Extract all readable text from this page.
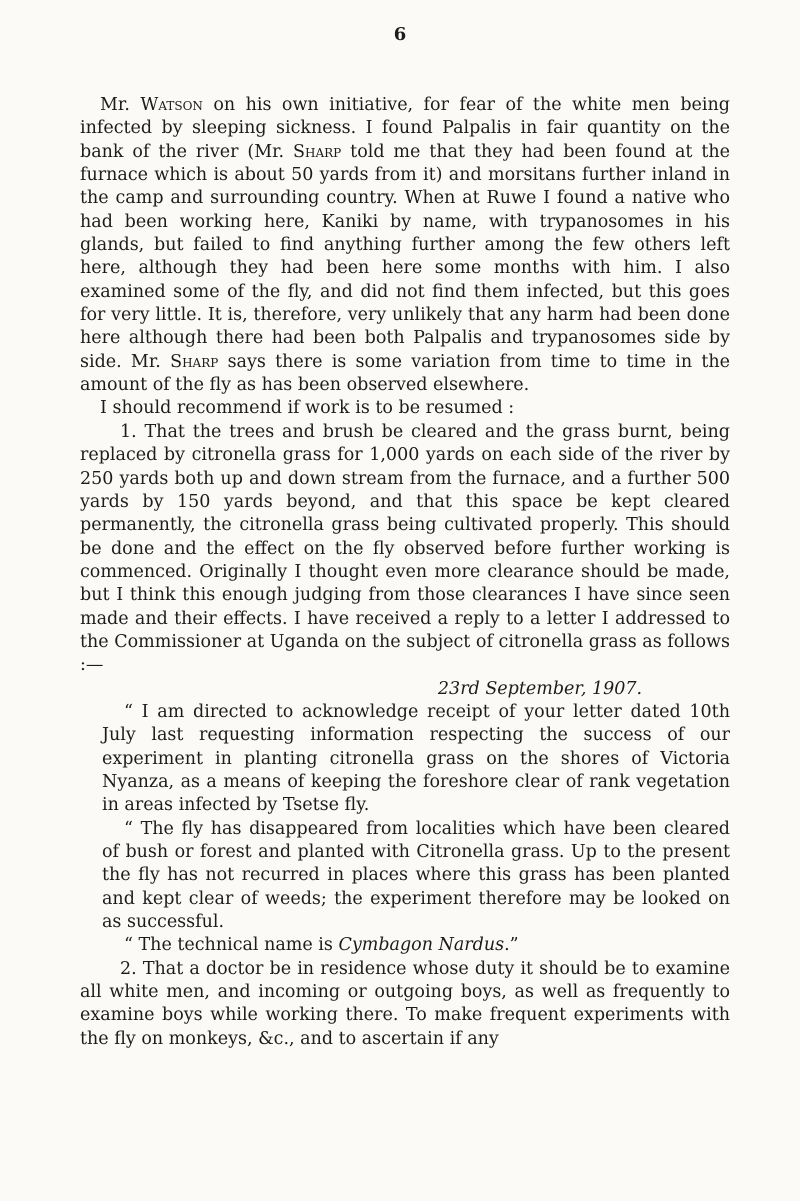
6

Mr. Watson on his own initiative, for fear of the white men being infected by sleeping sickness. I found Palpalis in fair quantity on the bank of the river (Mr. Sharp told me that they had been found at the furnace which is about 50 yards from it) and morsitans further inland in the camp and surrounding country. When at Ruwe I found a native who had been working here, Kaniki by name, with trypanosomes in his glands, but failed to find anything further among the few others left here, although they had been here some months with him. I also examined some of the fly, and did not find them infected, but this goes for very little. It is, therefore, very unlikely that any harm had been done here although there had been both Palpalis and trypanosomes side by side. Mr. Sharp says there is some variation from time to time in the amount of the fly as has been observed elsewhere.

I should recommend if work is to be resumed :

1. That the trees and brush be cleared and the grass burnt, being replaced by citronella grass for 1,000 yards on each side of the river by 250 yards both up and down stream from the furnace, and a further 500 yards by 150 yards beyond, and that this space be kept cleared permanently, the citronella grass being cultivated properly. This should be done and the effect on the fly observed before further working is commenced. Originally I thought even more clearance should be made, but I think this enough judging from those clearances I have since seen made and their effects. I have received a reply to a letter I addressed to the Commissioner at Uganda on the subject of citronella grass as follows :—

23rd September, 1907.

“ I am directed to acknowledge receipt of your letter dated 10th July last requesting information respecting the success of our experiment in planting citronella grass on the shores of Victoria Nyanza, as a means of keeping the foreshore clear of rank vegetation in areas infected by Tsetse fly.

“ The fly has disappeared from localities which have been cleared of bush or forest and planted with Citronella grass. Up to the present the fly has not recurred in places where this grass has been planted and kept clear of weeds; the experiment therefore may be looked on as successful.

“ The technical name is Cymbagon Nardus.”

2. That a doctor be in residence whose duty it should be to examine all white men, and incoming or outgoing boys, as well as frequently to examine boys while working there. To make frequent experiments with the fly on monkeys, &c., and to ascertain if any
